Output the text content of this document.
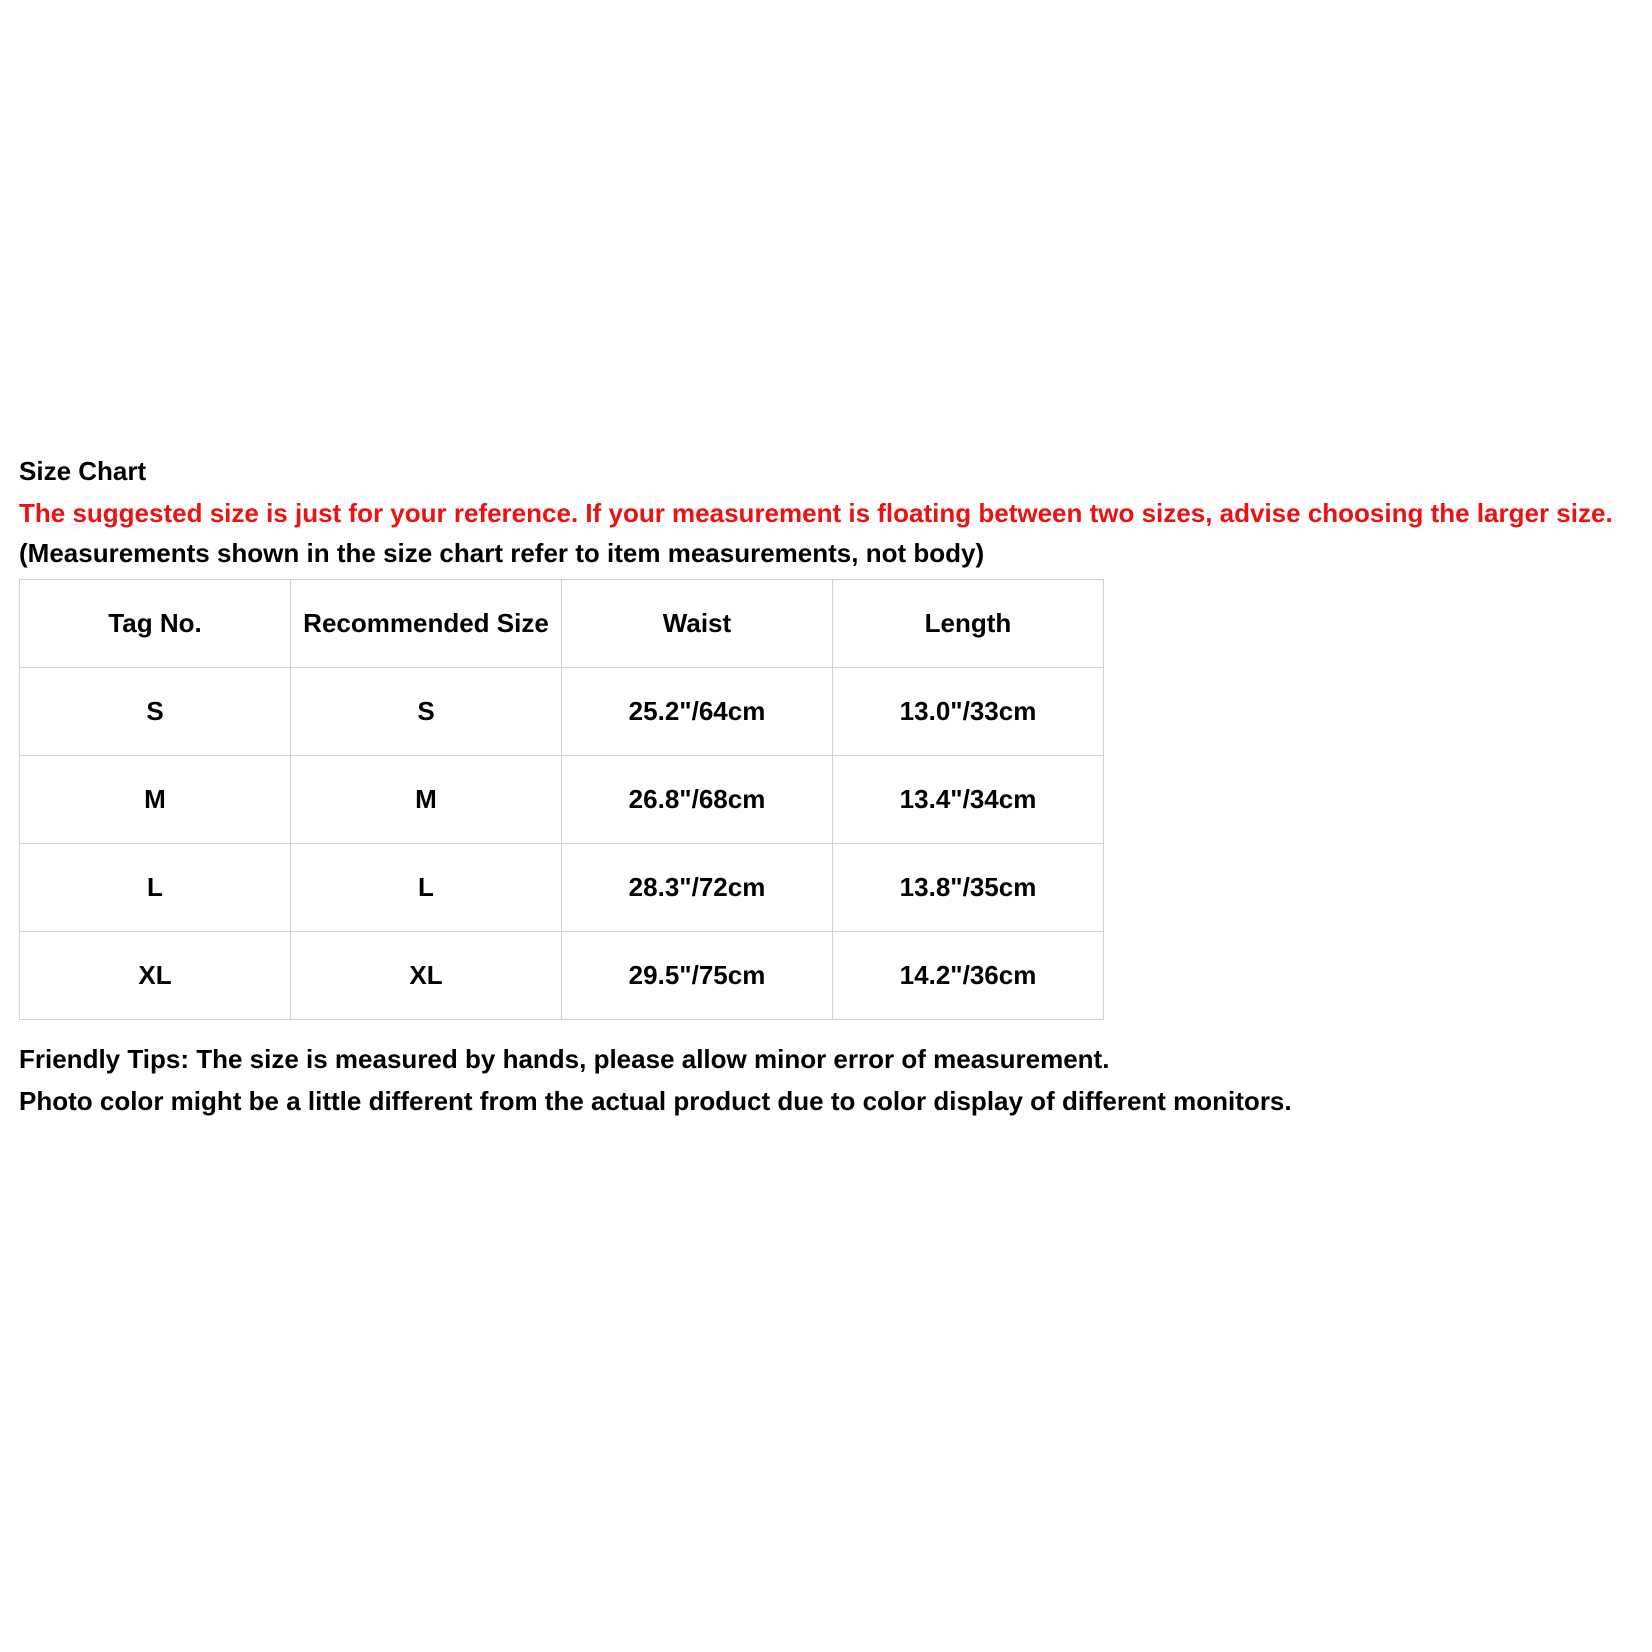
Size Chart
The suggested size is just for your reference. If your measurement is floating between two sizes, advise choosing the larger size.
(Measurements shown in the size chart refer to item measurements, not body)
Tag No.	Recommended Size	Waist	Length
S	S	25.2"/64cm	13.0"/33cm
M	M	26.8"/68cm	13.4"/34cm
L	L	28.3"/72cm	13.8"/35cm
XL	XL	29.5"/75cm	14.2"/36cm
Friendly Tips: The size is measured by hands, please allow minor error of measurement.
Photo color might be a little different from the actual product due to color display of different monitors.
